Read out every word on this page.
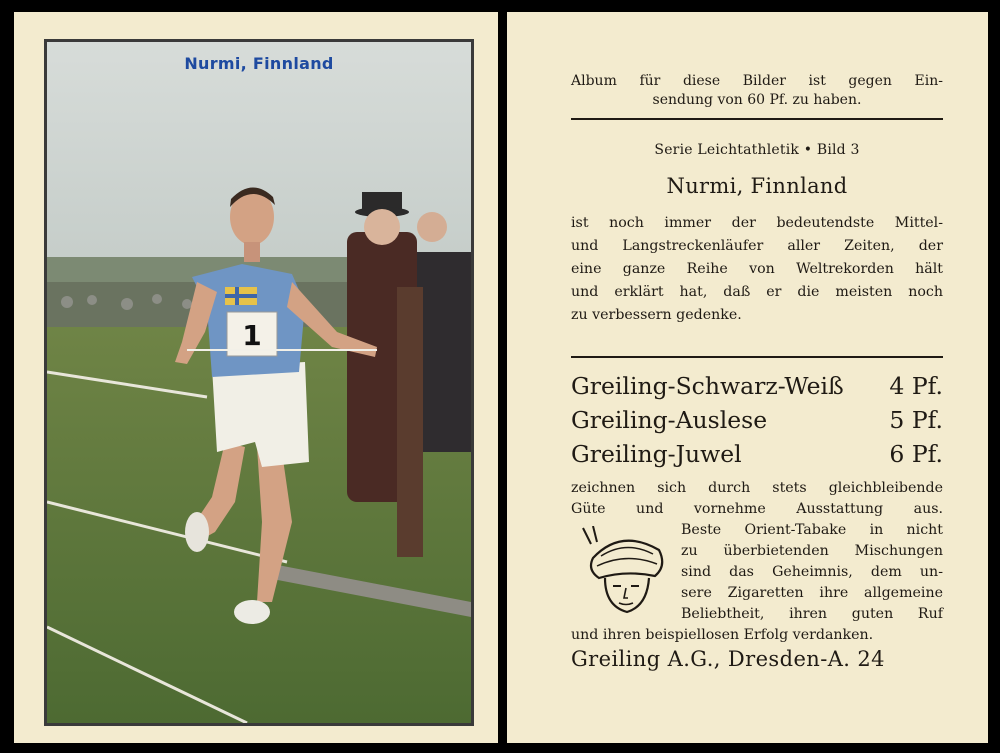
1
Nurmi, Finnland
Album für diese Bilder ist gegen Ein-
sendung von 60 Pf. zu haben.
Serie Leichtathletik • Bild 3
Nurmi, Finnland
ist noch immer der bedeutendste Mittel-
und Langstreckenläufer aller Zeiten, der
eine ganze Reihe von Weltrekorden hält
und erklärt hat, daß er die meisten noch
zu verbessern gedenke.
Greiling-Schwarz-Weiß 4 Pf.
Greiling-Auslese	5 Pf.
Greiling-Juwel	6 Pf.
zeichnen sich durch stets gleichbleibende
Güte und vornehme Ausstattung aus.
Beste Orient-Tabake in nicht
zu überbietenden Mischungen
sind das Geheimnis, dem un-
sere Zigaretten ihre allgemeine
Beliebtheit, ihren guten Ruf
und ihren beispiellosen Erfolg verdanken.
Greiling A.G., Dresden-A. 24
